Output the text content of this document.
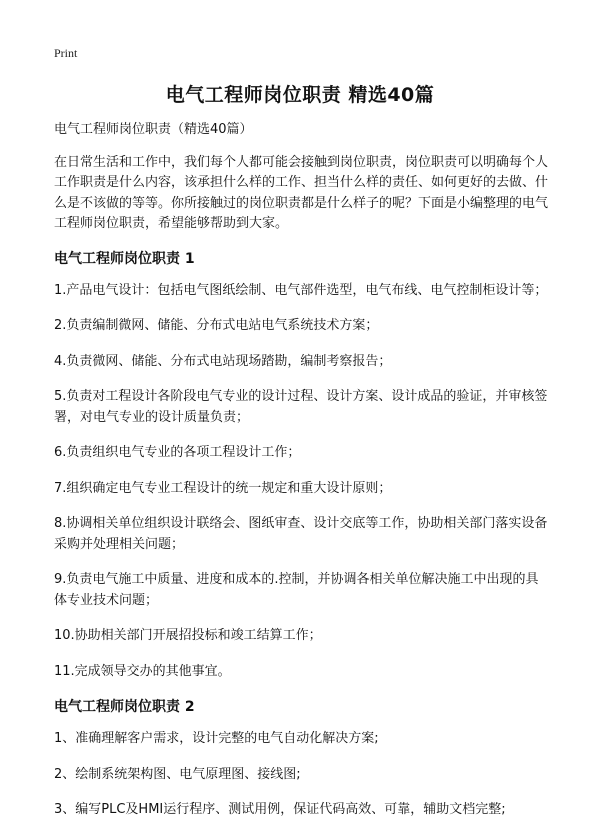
Print
电气工程师岗位职责 精选40篇
电气工程师岗位职责（精选40篇）
在日常生活和工作中，我们每个人都可能会接触到岗位职责，岗位职责可以明确每个人工作职责是什么内容，该承担什么样的工作、担当什么样的责任、如何更好的去做、什么是不该做的等等。你所接触过的岗位职责都是什么样子的呢？下面是小编整理的电气工程师岗位职责，希望能够帮助到大家。
电气工程师岗位职责 1
1.产品电气设计：包括电气图纸绘制、电气部件选型，电气布线、电气控制柜设计等；
2.负责编制微网、储能、分布式电站电气系统技术方案；
4.负责微网、储能、分布式电站现场踏勘，编制考察报告；
5.负责对工程设计各阶段电气专业的设计过程、设计方案、设计成品的验证，并审核签署，对电气专业的设计质量负责；
6.负责组织电气专业的各项工程设计工作；
7.组织确定电气专业工程设计的统一规定和重大设计原则；
8.协调相关单位组织设计联络会、图纸审查、设计交底等工作，协助相关部门落实设备采购并处理相关问题；
9.负责电气施工中质量、进度和成本的.控制，并协调各相关单位解决施工中出现的具体专业技术问题；
10.协助相关部门开展招投标和竣工结算工作；
11.完成领导交办的其他事宜。
电气工程师岗位职责 2
1、准确理解客户需求，设计完整的电气自动化解决方案;
2、绘制系统架构图、电气原理图、接线图;
3、编写PLC及HMI运行程序、测试用例，保证代码高效、可靠，辅助文档完整;
